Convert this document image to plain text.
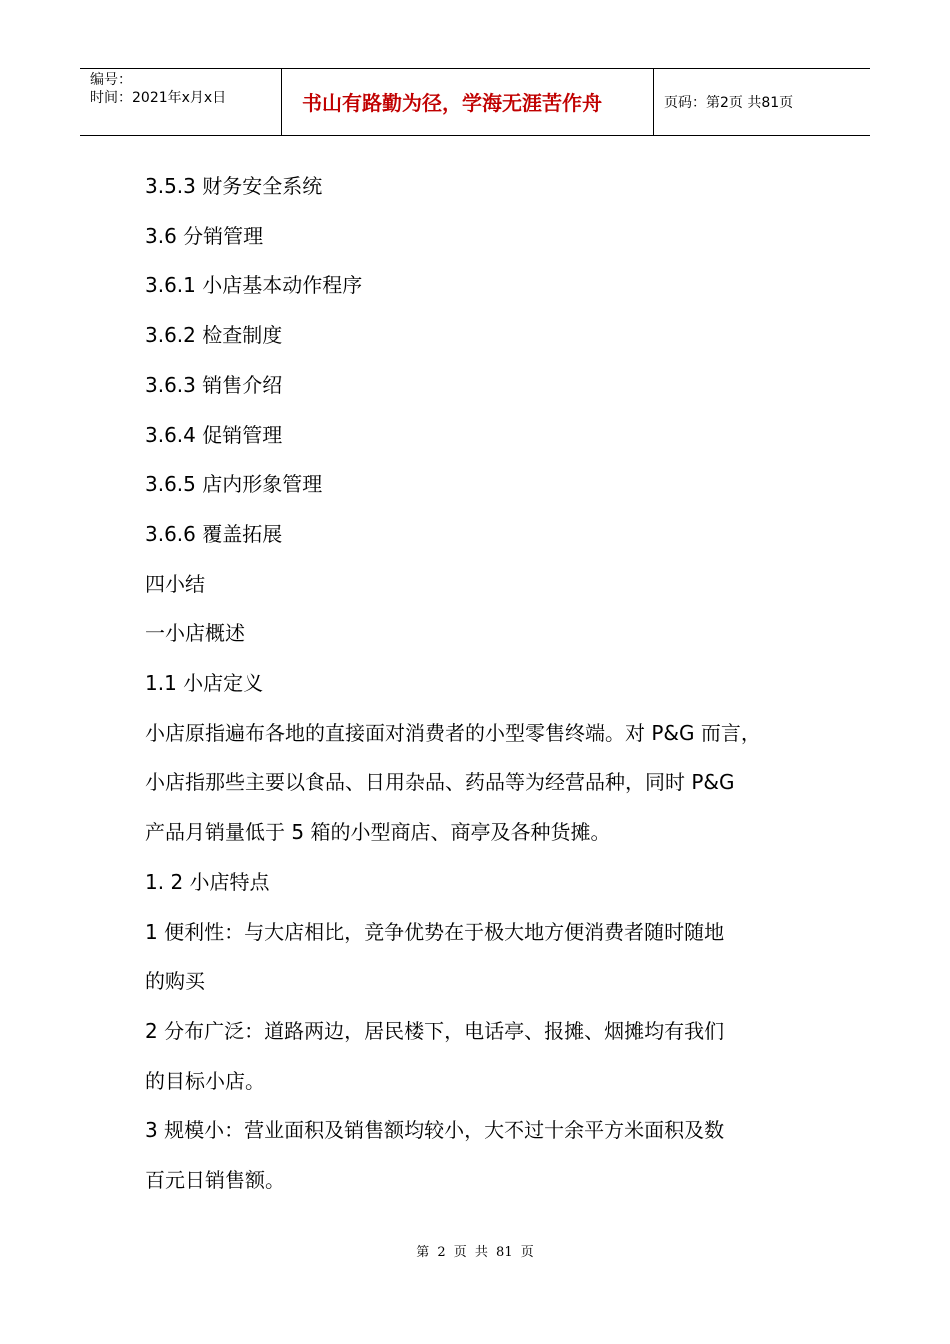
编号：
时间：2021年x月x日	书山有路勤为径，学海无涯苦作舟	页码：第2页 共81页

3.5.3 财务安全系统

3.6 分销管理

3.6.1 小店基本动作程序

3.6.2 检查制度

3.6.3 销售介绍

3.6.4 促销管理

3.6.5 店内形象管理

3.6.6 覆盖拓展

四小结

一小店概述

1.1 小店定义

小店原指遍布各地的直接面对消费者的小型零售终端。对 P&G 而言，

小店指那些主要以食品、日用杂品、药品等为经营品种，同时 P&G

产品月销量低于 5 箱的小型商店、商亭及各种货摊。

1. 2 小店特点

1 便利性：与大店相比，竞争优势在于极大地方便消费者随时随地

的购买

2 分布广泛：道路两边，居民楼下，电话亭、报摊、烟摊均有我们

的目标小店。

3 规模小：营业面积及销售额均较小，大不过十余平方米面积及数

百元日销售额。

第 2 页 共 81 页
